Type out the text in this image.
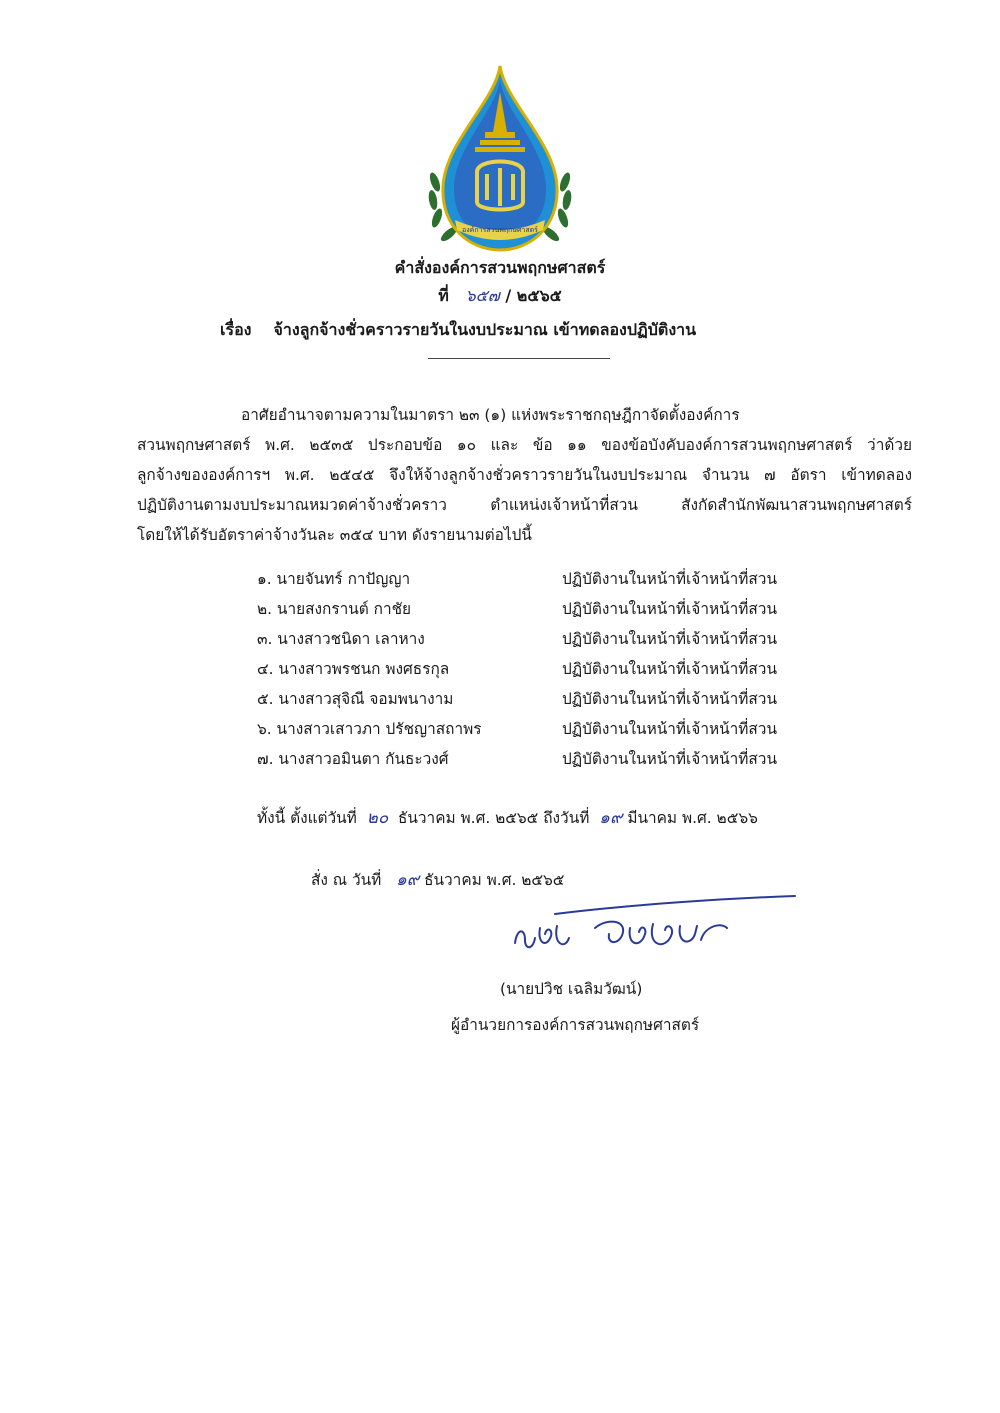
องค์การสวนพฤกษศาสตร์
คำสั่งองค์การสวนพฤกษศาสตร์
ที่ ๖๕๗ / ๒๕๖๕
เรื่อง จ้างลูกจ้างชั่วคราวรายวันในงบประมาณ เข้าทดลองปฏิบัติงาน
อาศัยอำนาจตามความในมาตรา ๒๓ (๑) แห่งพระราชกฤษฎีกาจัดตั้งองค์การ
สวนพฤกษศาสตร์ พ.ศ. ๒๕๓๕ ประกอบข้อ ๑๐ และ ข้อ ๑๑ ของข้อบังคับองค์การสวนพฤกษศาสตร์ ว่าด้วย
ลูกจ้างขององค์การฯ พ.ศ. ๒๕๔๕ จึงให้จ้างลูกจ้างชั่วคราวรายวันในงบประมาณ จำนวน ๗ อัตรา เข้าทดลอง
ปฏิบัติงานตามงบประมาณหมวดค่าจ้างชั่วคราว ตำแหน่งเจ้าหน้าที่สวน สังกัดสำนักพัฒนาสวนพฤกษศาสตร์
โดยให้ได้รับอัตราค่าจ้างวันละ ๓๕๔ บาท ดังรายนามต่อไปนี้
๑. นายจันทร์ กาปัญญา	ปฏิบัติงานในหน้าที่เจ้าหน้าที่สวน
๒. นายสงกรานต์ กาชัย	ปฏิบัติงานในหน้าที่เจ้าหน้าที่สวน
๓. นางสาวชนิดา เลาหาง	ปฏิบัติงานในหน้าที่เจ้าหน้าที่สวน
๔. นางสาวพรชนก พงศธรกุล	ปฏิบัติงานในหน้าที่เจ้าหน้าที่สวน
๕. นางสาวสุจิณี จอมพนางาม	ปฏิบัติงานในหน้าที่เจ้าหน้าที่สวน
๖. นางสาวเสาวภา ปรัชญาสถาพร	ปฏิบัติงานในหน้าที่เจ้าหน้าที่สวน
๗. นางสาวอมินตา กันธะวงศ์	ปฏิบัติงานในหน้าที่เจ้าหน้าที่สวน
ทั้งนี้ ตั้งแต่วันที่ ๒๐ ธันวาคม พ.ศ. ๒๕๖๕ ถึงวันที่ ๑๙ มีนาคม พ.ศ. ๒๕๖๖
สั่ง ณ วันที่ ๑๙ ธันวาคม พ.ศ. ๒๕๖๕
(นายปวิช เฉลิมวัฒน์)
ผู้อำนวยการองค์การสวนพฤกษศาสตร์
